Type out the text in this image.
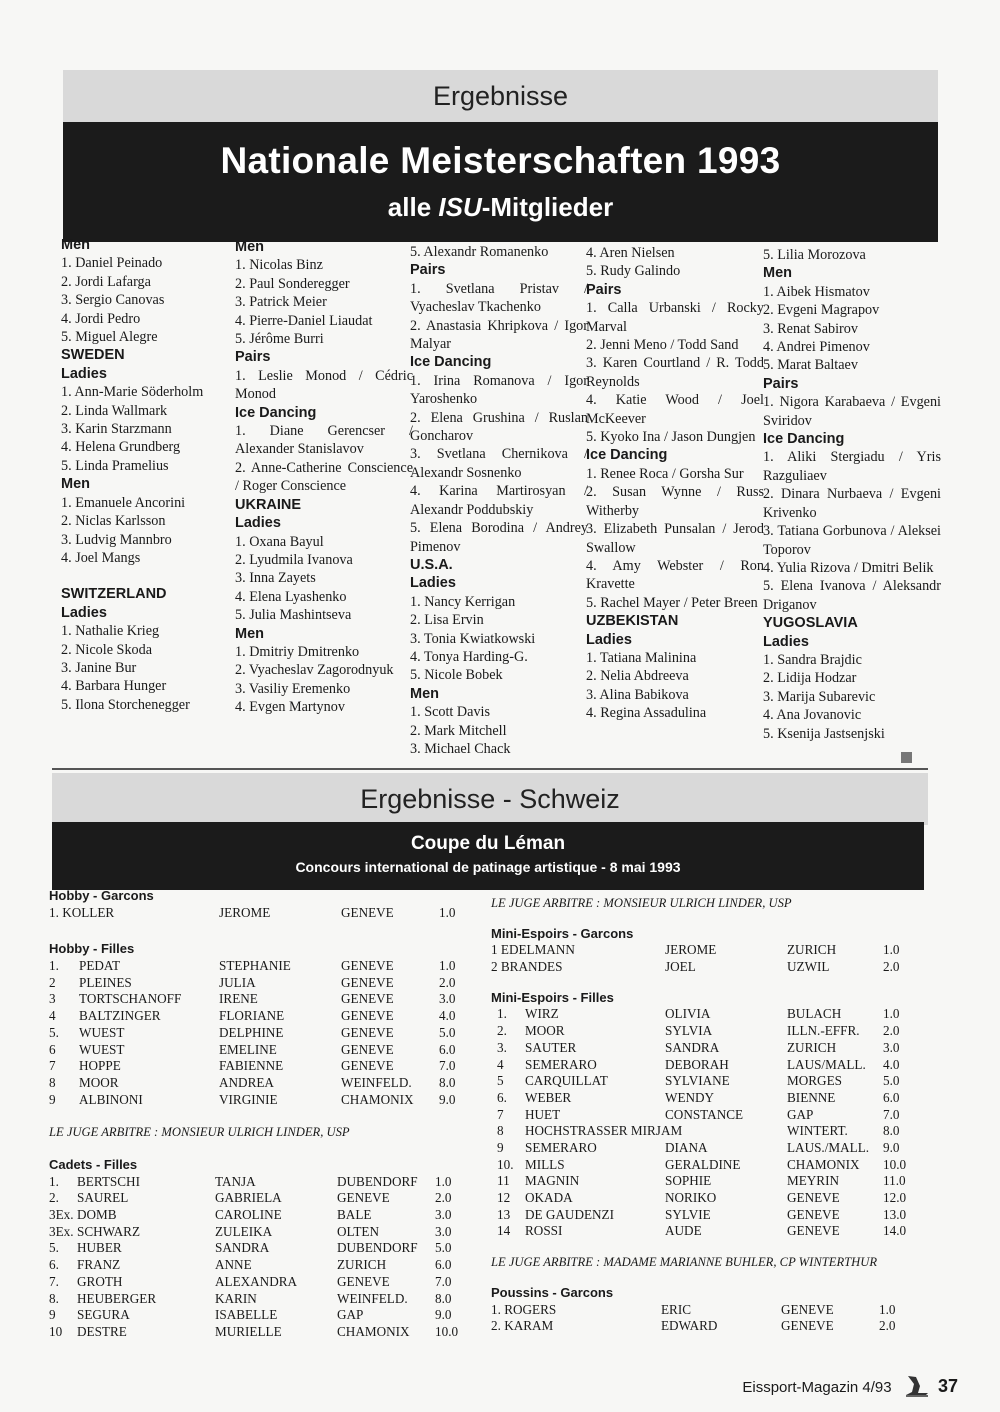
Ergebnisse
Nationale Meisterschaften 1993
alle ISU-Mitglieder
Men
1. Daniel Peinado
2. Jordi Lafarga
3. Sergio Canovas
4. Jordi Pedro
5. Miguel Alegre
SWEDEN
Ladies
1. Ann-Marie Söderholm
2. Linda Wallmark
3. Karin Starzmann
4. Helena Grundberg
5. Linda Pramelius
Men
1. Emanuele Ancorini
2. Niclas Karlsson
3. Ludvig Mannbro
4. Joel Mangs
SWITZERLAND
Ladies
1. Nathalie Krieg
2. Nicole Skoda
3. Janine Bur
4. Barbara Hunger
5. Ilona Storchenegger
Men
1. Nicolas Binz
2. Paul Sonderegger
3. Patrick Meier
4. Pierre-Daniel Liaudat
5. Jérôme Burri
Pairs
1. Leslie Monod / Cédric Monod
Ice Dancing
1. Diane Gerencser / Alexander Stanislavov
2. Anne-Catherine Conscience / Roger Conscience
UKRAINE
Ladies
1. Oxana Bayul
2. Lyudmila Ivanova
3. Inna Zayets
4. Elena Lyashenko
5. Julia Mashintseva
Men
1. Dmitriy Dmitrenko
2. Vyacheslav Zagorodnyuk
3. Vasiliy Eremenko
4. Evgen Martynov
5. Alexandr Romanenko
Pairs
1. Svetlana Pristav / Vyacheslav Tkachenko
2. Anastasia Khripkova / Igor Malyar
Ice Dancing
1. Irina Romanova / Igor Yaroshenko
2. Elena Grushina / Ruslan Goncharov
3. Svetlana Chernikova / Alexandr Sosnenko
4. Karina Martirosyan / Alexandr Poddubskiy
5. Elena Borodina / Andrey Pimenov
U.S.A.
Ladies
1. Nancy Kerrigan
2. Lisa Ervin
3. Tonia Kwiatkowski
4. Tonya Harding-G.
5. Nicole Bobek
Men
1. Scott Davis
2. Mark Mitchell
3. Michael Chack
4. Aren Nielsen
5. Rudy Galindo
Pairs
1. Calla Urbanski / Rocky Marval
2. Jenni Meno / Todd Sand
3. Karen Courtland / R. Todd Reynolds
4. Katie Wood / Joel McKeever
5. Kyoko Ina / Jason Dungjen
Ice Dancing
1. Renee Roca / Gorsha Sur
2. Susan Wynne / Russ Witherby
3. Elizabeth Punsalan / Jerod Swallow
4. Amy Webster / Ron Kravette
5. Rachel Mayer / Peter Breen
UZBEKISTAN
Ladies
1. Tatiana Malinina
2. Nelia Abdreeva
3. Alina Babikova
4. Regina Assadulina
5. Lilia Morozova
Men
1. Aibek Hismatov
2. Evgeni Magrapov
3. Renat Sabirov
4. Andrei Pimenov
5. Marat Baltaev
Pairs
1. Nigora Karabaeva / Evgeni Sviridov
Ice Dancing
1. Aliki Stergiadu / Yris Razguliaev
2. Dinara Nurbaeva / Evgeni Krivenko
3. Tatiana Gorbunova / Aleksei Toporov
4. Yulia Rizova / Dmitri Belik
5. Elena Ivanova / Aleksandr Driganov
YUGOSLAVIA
Ladies
1. Sandra Brajdic
2. Lidija Hodzar
3. Marija Subarevic
4. Ana Jovanovic
5. Ksenija Jastsenjski
Ergebnisse - Schweiz
Coupe du Léman
Concours international de patinage artistique - 8 mai 1993
Hobby - Garcons
1. KOLLER	JEROME	GENEVE	1.0
Hobby - Filles
1. PEDAT	STEPHANIE	GENEVE	1.0
2 PLEINES	JULIA	GENEVE	2.0
3 TORTSCHANOFF	IRENE	GENEVE	3.0
4 BALTZINGER	FLORIANE	GENEVE	4.0
5. WUEST	DELPHINE	GENEVE	5.0
6 WUEST	EMELINE	GENEVE	6.0
7 HOPPE	FABIENNE	GENEVE	7.0
8 MOOR	ANDREA	WEINFELD. 8.0
9 ALBINONI	VIRGINIE	CHAMONIX 9.0
LE JUGE ARBITRE : MONSIEUR ULRICH LINDER, USP
Cadets - Filles
1. BERTSCHI	TANJA	DUBENDORF 1.0
2. SAUREL	GABRIELA	GENEVE	2.0
3Ex. DOMB	CAROLINE	BALE	3.0
3Ex. SCHWARZ	ZULEIKA	OLTEN	3.0
5. HUBER	SANDRA	DUBENDORF 5.0
6. FRANZ	ANNE	ZURICH	6.0
7. GROTH	ALEXANDRA	GENEVE	7.0
8. HEUBERGER	KARIN	WEINFELD. 8.0
9 SEGURA	ISABELLE	GAP	9.0
10 DESTRE	MURIELLE	CHAMONIX 10.0
LE JUGE ARBITRE : MONSIEUR ULRICH LINDER, USP
Mini-Espoirs - Garcons
1 EDELMANN	JEROME	ZURICH	1.0
2 BRANDES	JOEL	UZWIL	2.0
Mini-Espoirs - Filles
1. WIRZ	OLIVIA	BULACH	1.0
2. MOOR	SYLVIA	ILLN.-EFFR. 2.0
3. SAUTER	SANDRA	ZURICH	3.0
4 SEMERARO	DEBORAH	LAUS/MALL. 4.0
5 CARQUILLAT	SYLVIANE	MORGES	5.0
6. WEBER	WENDY	BIENNE	6.0
7 HUET	CONSTANCE	GAP	7.0
8 HOCHSTRASSER MIRJAM	WINTERT.	8.0
9 SEMERARO	DIANA	LAUS./MALL. 9.0
10. MILLS	GERALDINE	CHAMONIX 10.0
11 MAGNIN	SOPHIE	MEYRIN	11.0
12 OKADA	NORIKO	GENEVE	12.0
13 DE GAUDENZI	SYLVIE	GENEVE	13.0
14 ROSSI	AUDE	GENEVE	14.0
LE JUGE ARBITRE : MADAME MARIANNE BUHLER, CP WINTERTHUR
Poussins - Garcons
1. ROGERS	ERIC	GENEVE	1.0
2. KARAM	EDWARD	GENEVE	2.0
Eissport-Magazin 4/93	37
